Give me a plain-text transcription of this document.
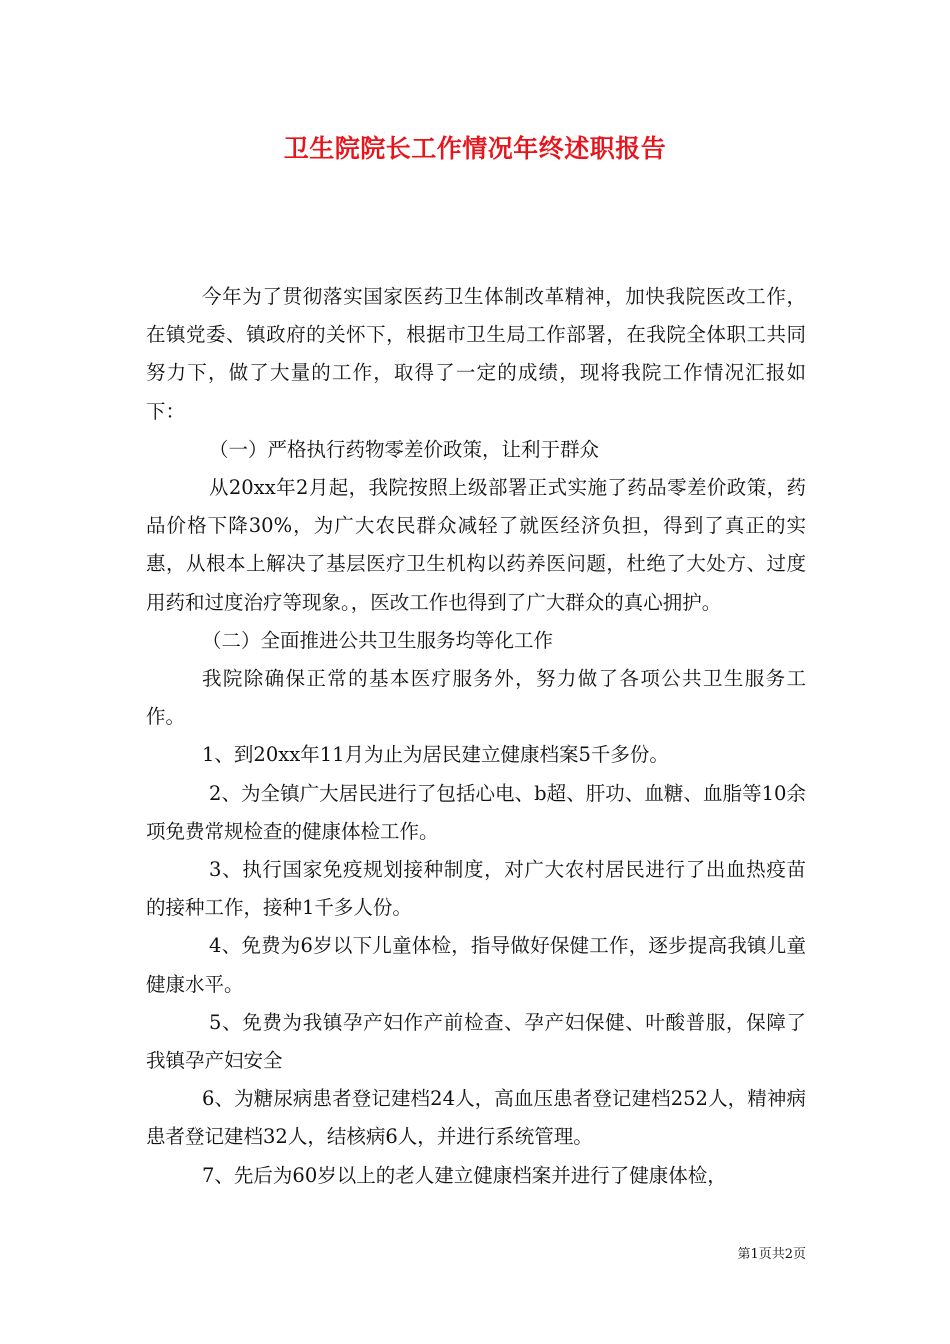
卫生院院长工作情况年终述职报告

今年为了贯彻落实国家医药卫生体制改革精神，加快我院医改工作，在镇党委、镇政府的关怀下，根据市卫生局工作部署，在我院全体职工共同努力下，做了大量的工作，取得了一定的成绩，现将我院工作情况汇报如下：

（一）严格执行药物零差价政策，让利于群众

从20xx年2月起，我院按照上级部署正式实施了药品零差价政策，药品价格下降30%，为广大农民群众减轻了就医经济负担，得到了真正的实惠，从根本上解决了基层医疗卫生机构以药养医问题，杜绝了大处方、过度用药和过度治疗等现象。，医改工作也得到了广大群众的真心拥护。

（二）全面推进公共卫生服务均等化工作

我院除确保正常的基本医疗服务外，努力做了各项公共卫生服务工作。

1、到20xx年11月为止为居民建立健康档案5千多份。

2、为全镇广大居民进行了包括心电、b超、肝功、血糖、血脂等10余项免费常规检查的健康体检工作。

3、执行国家免疫规划接种制度，对广大农村居民进行了出血热疫苗的接种工作，接种1千多人份。

4、免费为6岁以下儿童体检，指导做好保健工作，逐步提高我镇儿童健康水平。

5、免费为我镇孕产妇作产前检查、孕产妇保健、叶酸普服，保障了我镇孕产妇安全

6、为糖尿病患者登记建档24人，高血压患者登记建档252人，精神病患者登记建档32人，结核病6人，并进行系统管理。

7、先后为60岁以上的老人建立健康档案并进行了健康体检，

第1页共2页
